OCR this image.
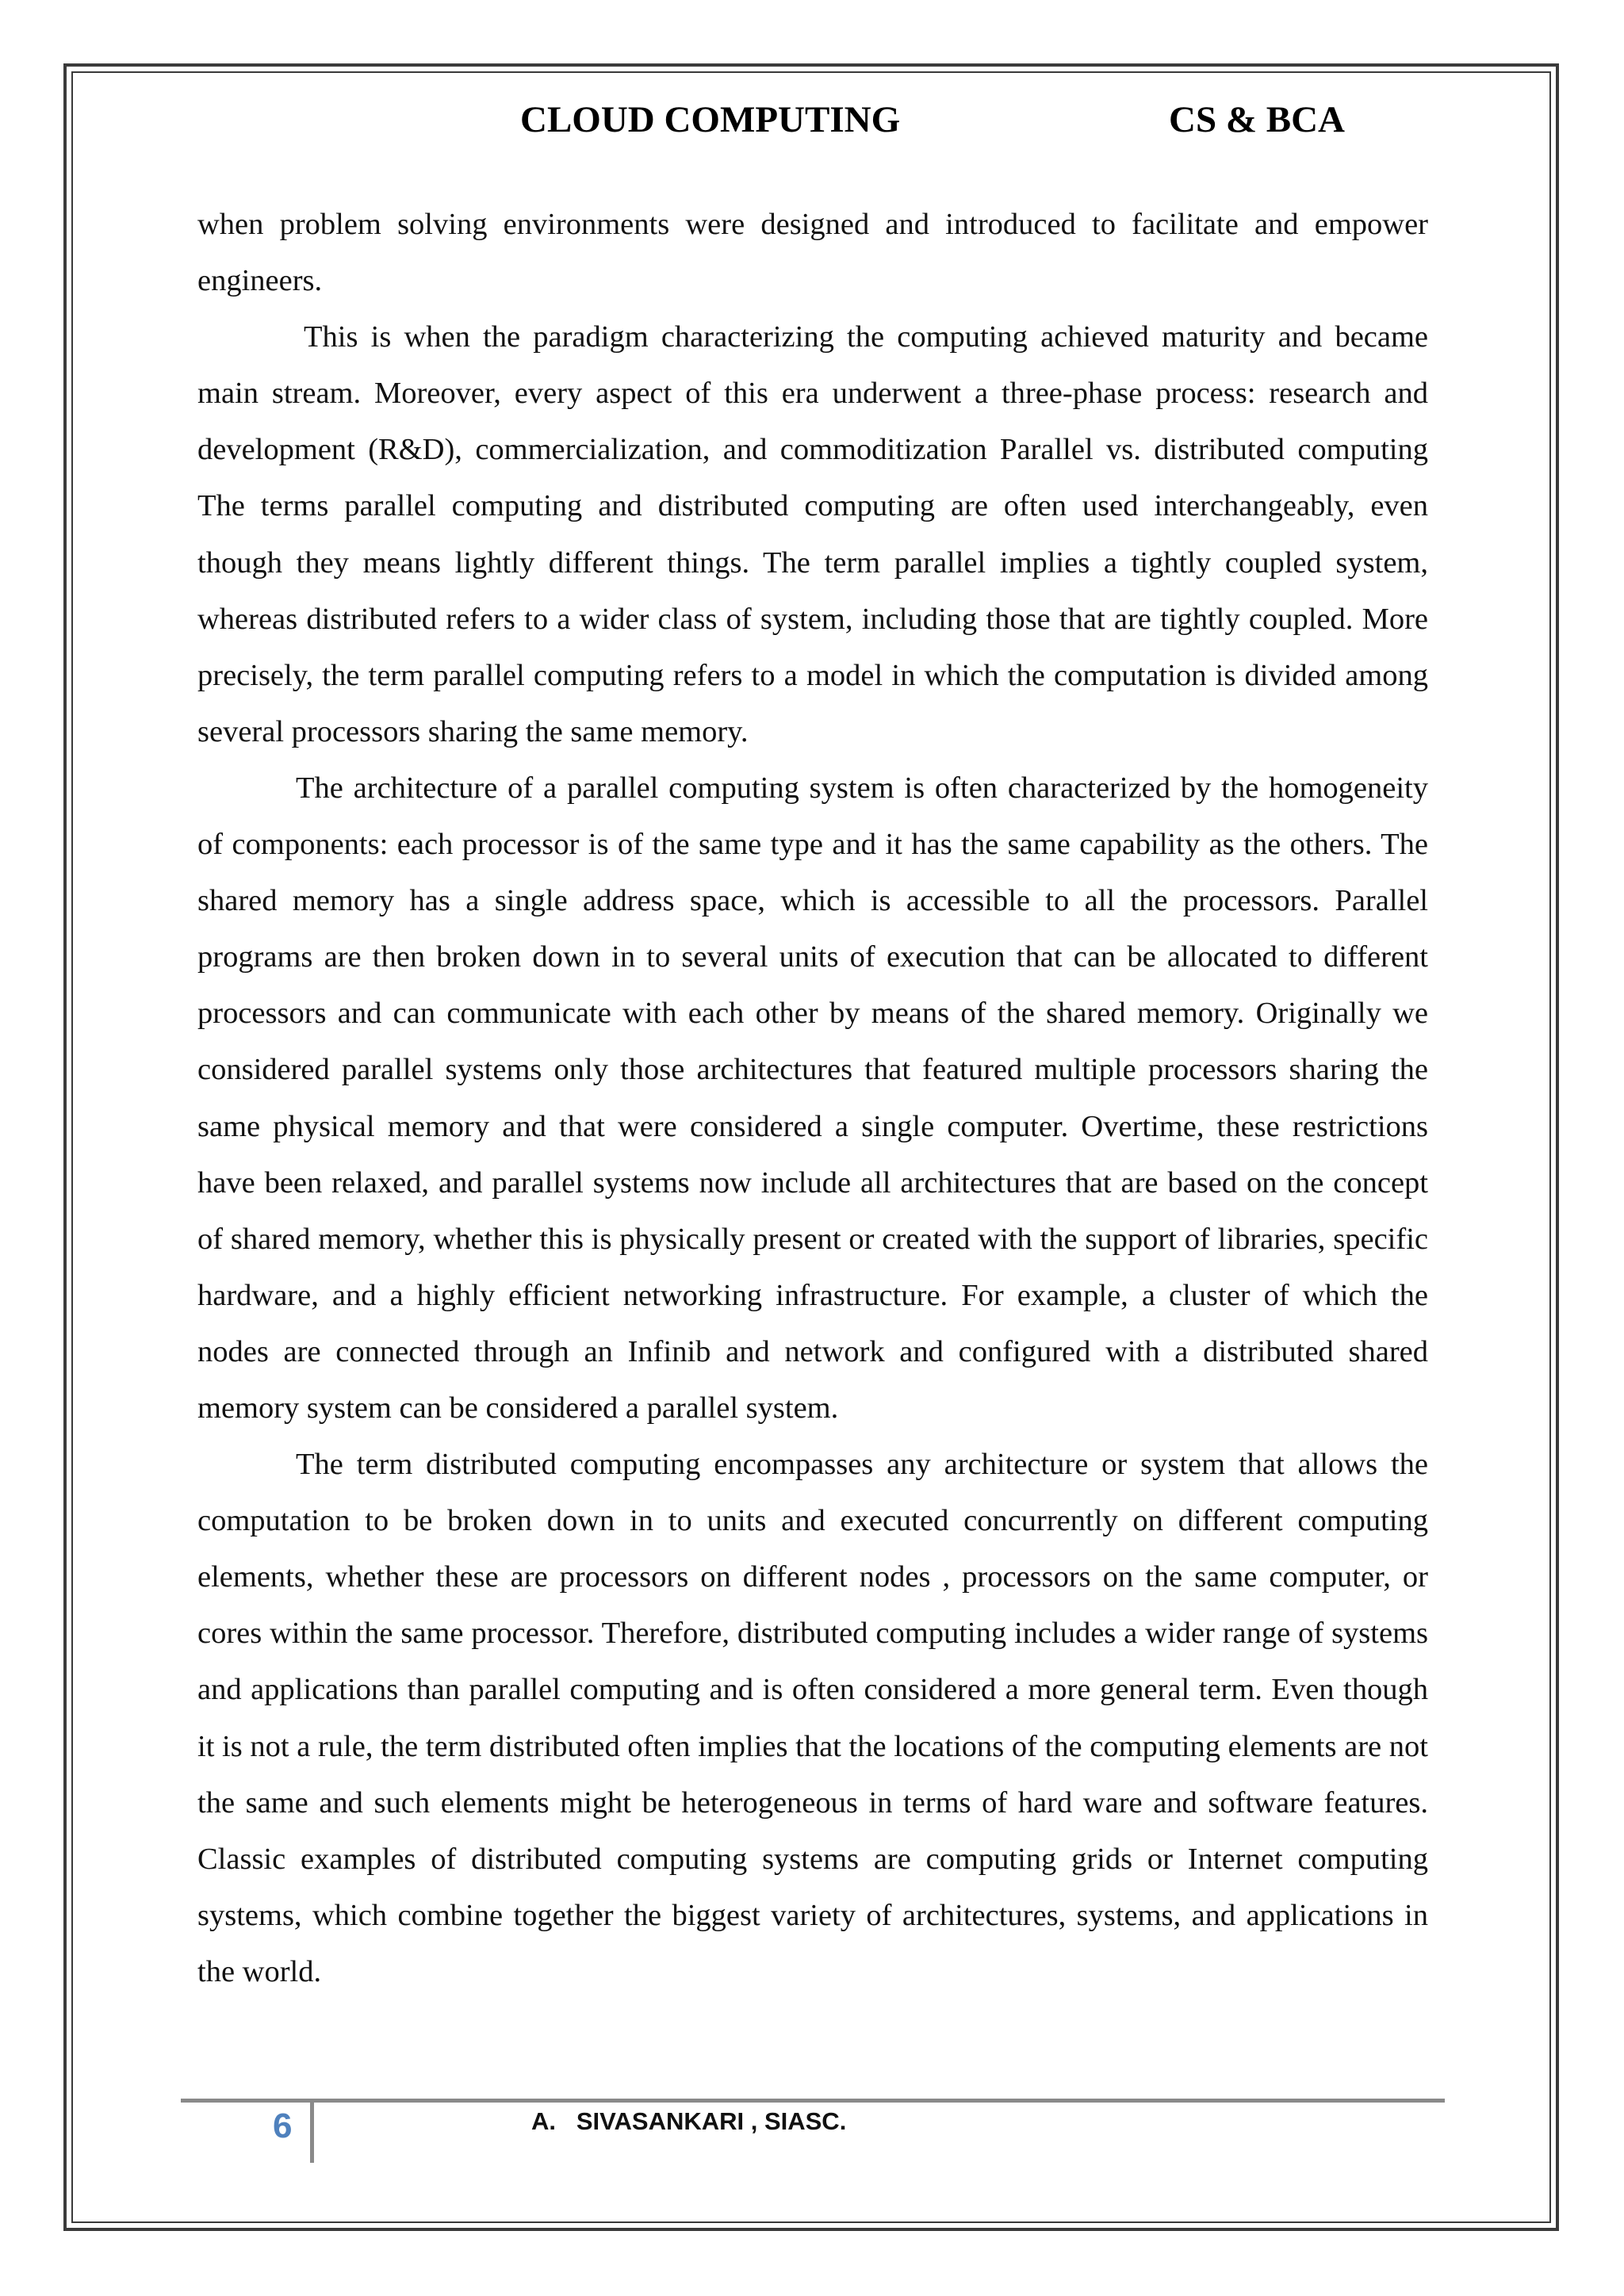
CLOUD COMPUTING	CS & BCA

when problem solving environments were designed and introduced to facilitate and empower engineers.

This is when the paradigm characterizing the computing achieved maturity and became main stream. Moreover, every aspect of this era underwent a three-phase process: research and development (R&D), commercialization, and commoditization Parallel vs. distributed computing The terms parallel computing and distributed computing are often used interchangeably, even though they means lightly different things. The term parallel implies a tightly coupled system, whereas distributed refers to a wider class of system, including those that are tightly coupled. More precisely, the term parallel computing refers to a model in which the computation is divided among several processors sharing the same memory.

The architecture of a parallel computing system is often characterized by the homogeneity of components: each processor is of the same type and it has the same capability as the others. The shared memory has a single address space, which is accessible to all the processors. Parallel programs are then broken down in to several units of execution that can be allocated to different processors and can communicate with each other by means of the shared memory. Originally we considered parallel systems only those architectures that featured multiple processors sharing the same physical memory and that were considered a single computer. Overtime, these restrictions have been relaxed, and parallel systems now include all architectures that are based on the concept of shared memory, whether this is physically present or created with the support of libraries, specific hardware, and a highly efficient networking infrastructure. For example, a cluster of which the nodes are connected through an Infinib and network and configured with a distributed shared memory system can be considered a parallel system.

The term distributed computing encompasses any architecture or system that allows the computation to be broken down in to units and executed concurrently on different computing elements, whether these are processors on different nodes , processors on the same computer, or cores within the same processor. Therefore, distributed computing includes a wider range of systems and applications than parallel computing and is often considered a more general term. Even though it is not a rule, the term distributed often implies that the locations of the computing elements are not the same and such elements might be heterogeneous in terms of hard ware and software features. Classic examples of distributed computing systems are computing grids or Internet computing systems, which combine together the biggest variety of architectures, systems, and applications in the world.

6	A.   SIVASANKARI , SIASC.
